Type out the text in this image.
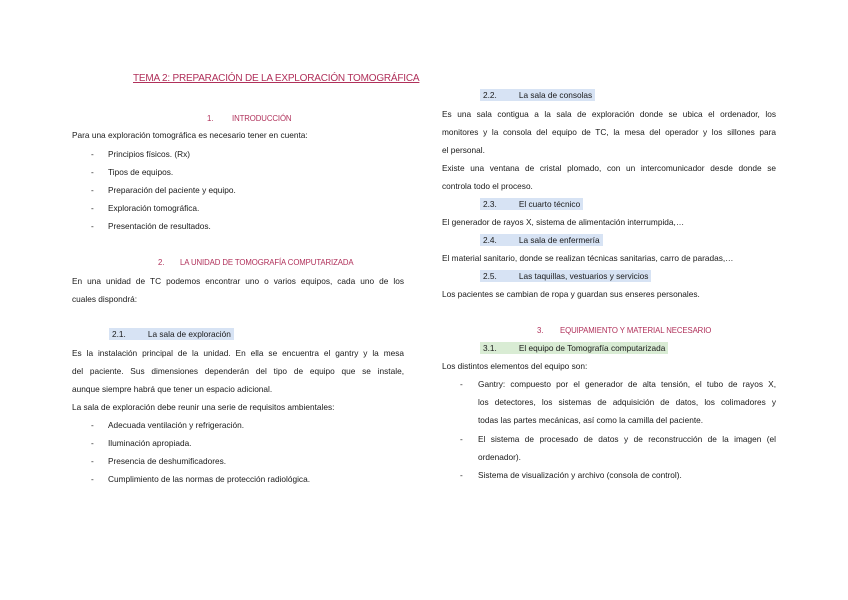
TEMA 2: PREPARACIÓN DE LA EXPLORACIÓN TOMOGRÁFICA
1. INTRODUCCIÓN
Para una exploración tomográfica es necesario tener en cuenta:
- Principios físicos. (Rx)
- Tipos de equipos.
- Preparación del paciente y equipo.
- Exploración tomográfica.
- Presentación de resultados.
2. LA UNIDAD DE TOMOGRAFÍA COMPUTARIZADA
En una unidad de TC podemos encontrar uno o varios equipos, cada uno de los
cuales dispondrá:
2.1.	La sala de exploración
Es la instalación principal de la unidad. En ella se encuentra el gantry y la mesa
del paciente. Sus dimensiones dependerán del tipo de equipo que se instale,
aunque siempre habrá que tener un espacio adicional.
La sala de exploración debe reunir una serie de requisitos ambientales:
- Adecuada ventilación y refrigeración.
- Iluminación apropiada.
- Presencia de deshumificadores.
- Cumplimiento de las normas de protección radiológica.
2.2.	La sala de consolas
Es una sala contigua a la sala de exploración donde se ubica el ordenador, los
monitores y la consola del equipo de TC, la mesa del operador y los sillones para
el personal.
Existe una ventana de cristal plomado, con un intercomunicador desde donde se
controla todo el proceso.
2.3.	El cuarto técnico
El generador de rayos X, sistema de alimentación interrumpida,…
2.4.	La sala de enfermería
El material sanitario, donde se realizan técnicas sanitarias, carro de paradas,…
2.5.	Las taquillas, vestuarios y servicios
Los pacientes se cambian de ropa y guardan sus enseres personales.
3. EQUIPAMIENTO Y MATERIAL NECESARIO
3.1.	El equipo de Tomografía computarizada
Los distintos elementos del equipo son:
- Gantry: compuesto por el generador de alta tensión, el tubo de rayos X,
los detectores, los sistemas de adquisición de datos, los colimadores y
todas las partes mecánicas, así como la camilla del paciente.
- El sistema de procesado de datos y de reconstrucción de la imagen (el
ordenador).
- Sistema de visualización y archivo (consola de control).
